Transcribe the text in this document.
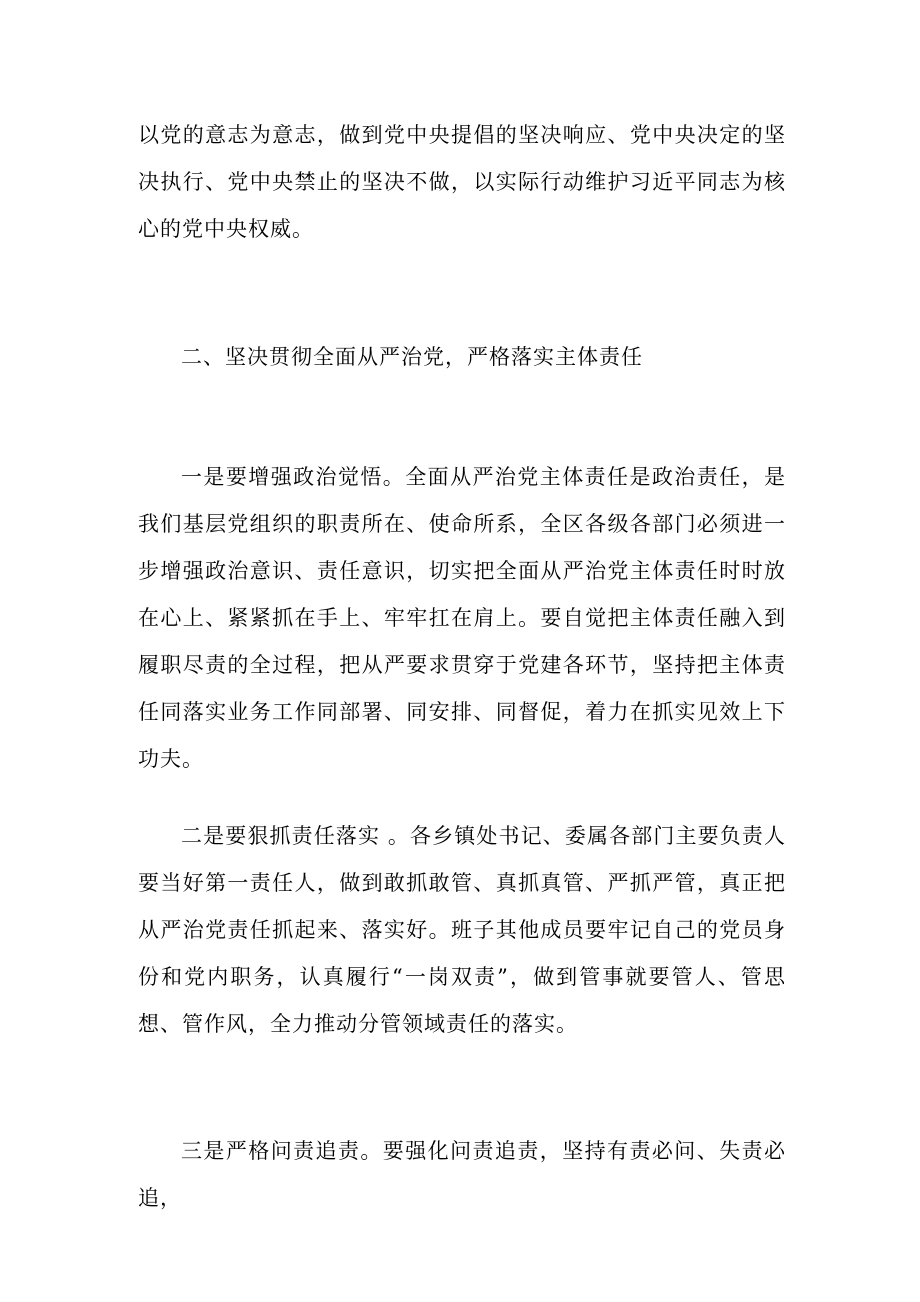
以党的意志为意志，做到党中央提倡的坚决响应、党中央决定的坚决执行、党中央禁止的坚决不做，以实际行动维护习近平同志为核心的党中央权威。

二、坚决贯彻全面从严治党，严格落实主体责任

一是要增强政治觉悟。全面从严治党主体责任是政治责任，是我们基层党组织的职责所在、使命所系，全区各级各部门必须进一步增强政治意识、责任意识，切实把全面从严治党主体责任时时放在心上、紧紧抓在手上、牢牢扛在肩上。要自觉把主体责任融入到履职尽责的全过程，把从严要求贯穿于党建各环节，坚持把主体责任同落实业务工作同部署、同安排、同督促，着力在抓实见效上下功夫。

二是要狠抓责任落实 。各乡镇处书记、委属各部门主要负责人要当好第一责任人，做到敢抓敢管、真抓真管、严抓严管，真正把从严治党责任抓起来、落实好。班子其他成员要牢记自己的党员身份和党内职务，认真履行“一岗双责”，做到管事就要管人、管思想、管作风，全力推动分管领域责任的落实。

三是严格问责追责。要强化问责追责，坚持有责必问、失责必追，
